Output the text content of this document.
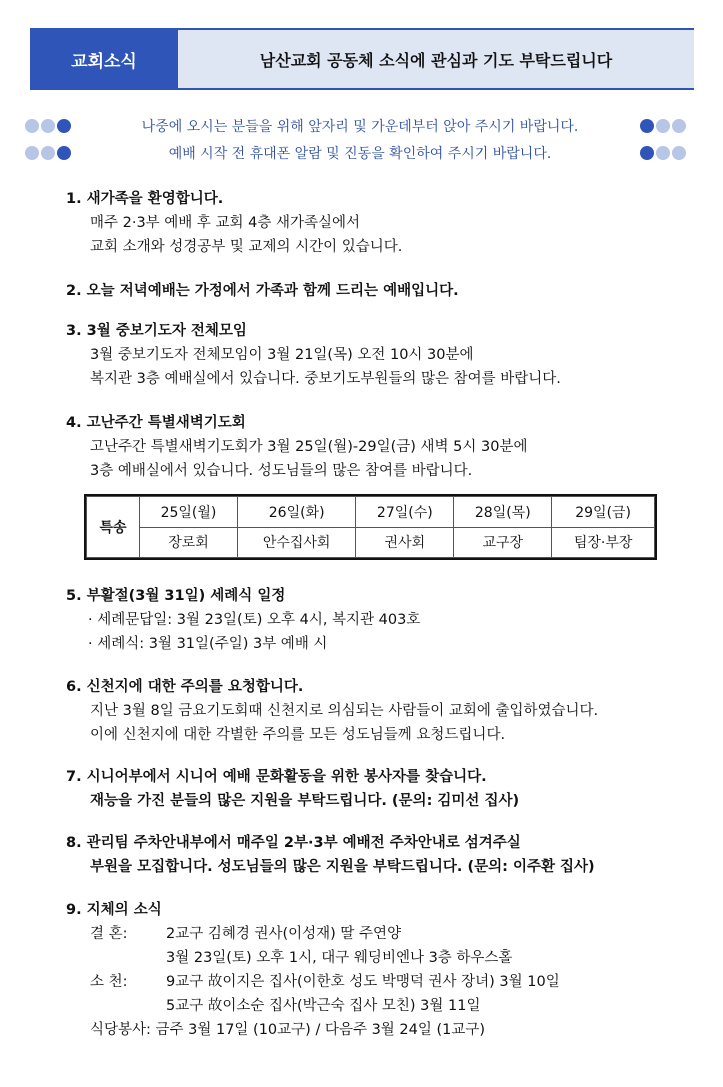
교회소식	남산교회 공동체 소식에 관심과 기도 부탁드립니다
나중에 오시는 분들을 위해 앞자리 및 가운데부터 앉아 주시기 바랍니다.
예배 시작 전 휴대폰 알람 및 진동을 확인하여 주시기 바랍니다.
1. 새가족을 환영합니다.
매주 2·3부 예배 후 교회 4층 새가족실에서
교회 소개와 성경공부 및 교제의 시간이 있습니다.
2. 오늘 저녁예배는 가정에서 가족과 함께 드리는 예배입니다.
3. 3월 중보기도자 전체모임
3월 중보기도자 전체모임이 3월 21일(목) 오전 10시 30분에
복지관 3층 예배실에서 있습니다. 중보기도부원들의 많은 참여를 바랍니다.
4. 고난주간 특별새벽기도회
고난주간 특별새벽기도회가 3월 25일(월)-29일(금) 새벽 5시 30분에
3층 예배실에서 있습니다. 성도님들의 많은 참여를 바랍니다.
특송	25일(월)	26일(화)	27일(수)	28일(목)	29일(금)
	장로회	안수집사회	권사회	교구장	팀장·부장
5. 부활절(3월 31일) 세례식 일정
· 세례문답일: 3월 23일(토) 오후 4시, 복지관 403호
· 세례식: 3월 31일(주일) 3부 예배 시
6. 신천지에 대한 주의를 요청합니다.
지난 3월 8일 금요기도회때 신천지로 의심되는 사람들이 교회에 출입하였습니다.
이에 신천지에 대한 각별한 주의를 모든 성도님들께 요청드립니다.
7. 시니어부에서 시니어 예배 문화활동을 위한 봉사자를 찾습니다.
재능을 가진 분들의 많은 지원을 부탁드립니다. (문의: 김미선 집사)
8. 관리팀 주차안내부에서 매주일 2부·3부 예배전 주차안내로 섬겨주실
부원을 모집합니다. 성도님들의 많은 지원을 부탁드립니다. (문의: 이주환 집사)
9. 지체의 소식
결 혼:	2교구 김혜경 권사(이성재) 딸 주연양
3월 23일(토) 오후 1시, 대구 웨딩비엔나 3층 하우스홀
소 천:	9교구 故이지은 집사(이한호 성도 박맹덕 권사 장녀) 3월 10일
5교구 故이소순 집사(박근숙 집사 모친) 3월 11일
식당봉사: 금주 3월 17일 (10교구) / 다음주 3월 24일 (1교구)
